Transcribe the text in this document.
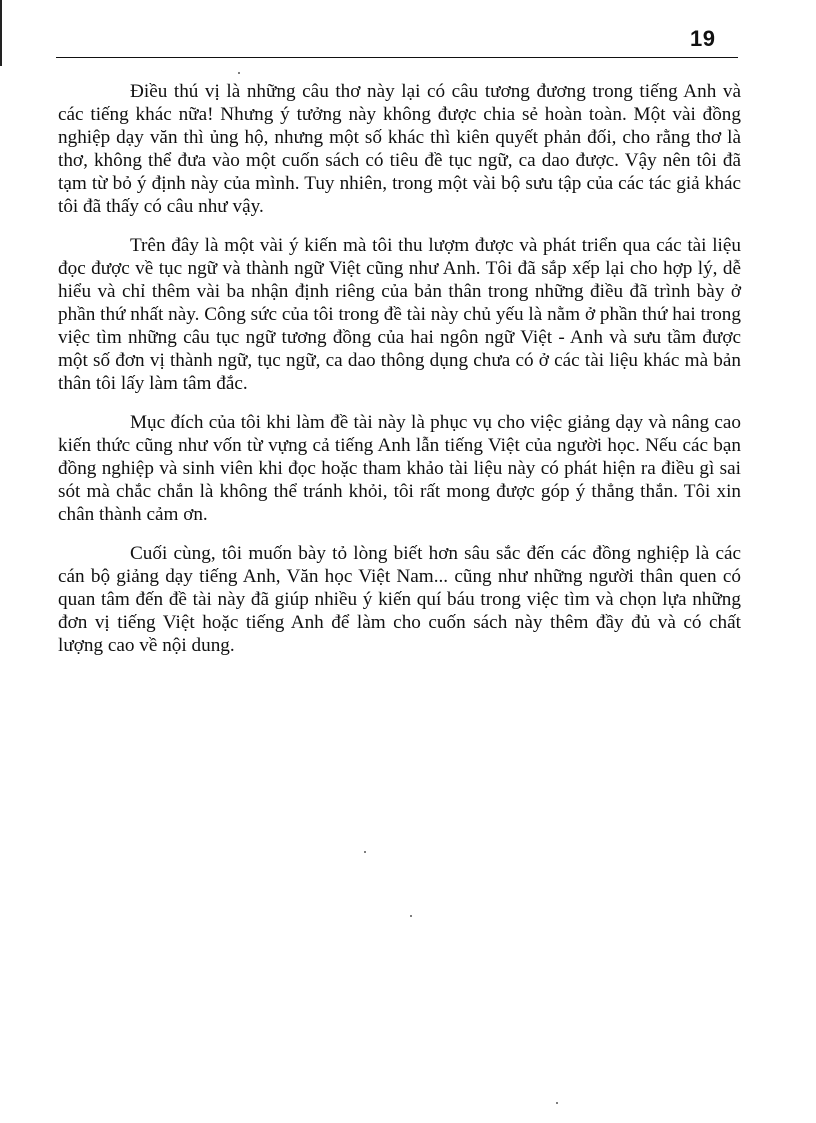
19

Điều thú vị là những câu thơ này lại có câu tương đương trong tiếng Anh và các tiếng khác nữa! Nhưng ý tưởng này không được chia sẻ hoàn toàn. Một vài đồng nghiệp dạy văn thì ủng hộ, nhưng một số khác thì kiên quyết phản đối, cho rằng thơ là thơ, không thể đưa vào một cuốn sách có tiêu đề tục ngữ, ca dao được. Vậy nên tôi đã tạm từ bỏ ý định này của mình. Tuy nhiên, trong một vài bộ sưu tập của các tác giả khác tôi đã thấy có câu như vậy.

Trên đây là một vài ý kiến mà tôi thu lượm được và phát triển qua các tài liệu đọc được về tục ngữ và thành ngữ Việt cũng như Anh. Tôi đã sắp xếp lại cho hợp lý, dễ hiểu và chỉ thêm vài ba nhận định riêng của bản thân trong những điều đã trình bày ở phần thứ nhất này. Công sức của tôi trong đề tài này chủ yếu là nằm ở phần thứ hai trong việc tìm những câu tục ngữ tương đồng của hai ngôn ngữ Việt - Anh và sưu tầm được một số đơn vị thành ngữ, tục ngữ, ca dao thông dụng chưa có ở các tài liệu khác mà bản thân tôi lấy làm tâm đắc.

Mục đích của tôi khi làm đề tài này là phục vụ cho việc giảng dạy và nâng cao kiến thức cũng như vốn từ vựng cả tiếng Anh lẫn tiếng Việt của người học. Nếu các bạn đồng nghiệp và sinh viên khi đọc hoặc tham khảo tài liệu này có phát hiện ra điều gì sai sót mà chắc chắn là không thể tránh khỏi, tôi rất mong được góp ý thẳng thắn. Tôi xin chân thành cảm ơn.

Cuối cùng, tôi muốn bày tỏ lòng biết hơn sâu sắc đến các đồng nghiệp là các cán bộ giảng dạy tiếng Anh, Văn học Việt Nam... cũng như những người thân quen có quan tâm đến đề tài này đã giúp nhiều ý kiến quí báu trong việc tìm và chọn lựa những đơn vị tiếng Việt hoặc tiếng Anh để làm cho cuốn sách này thêm đầy đủ và có chất lượng cao về nội dung.
